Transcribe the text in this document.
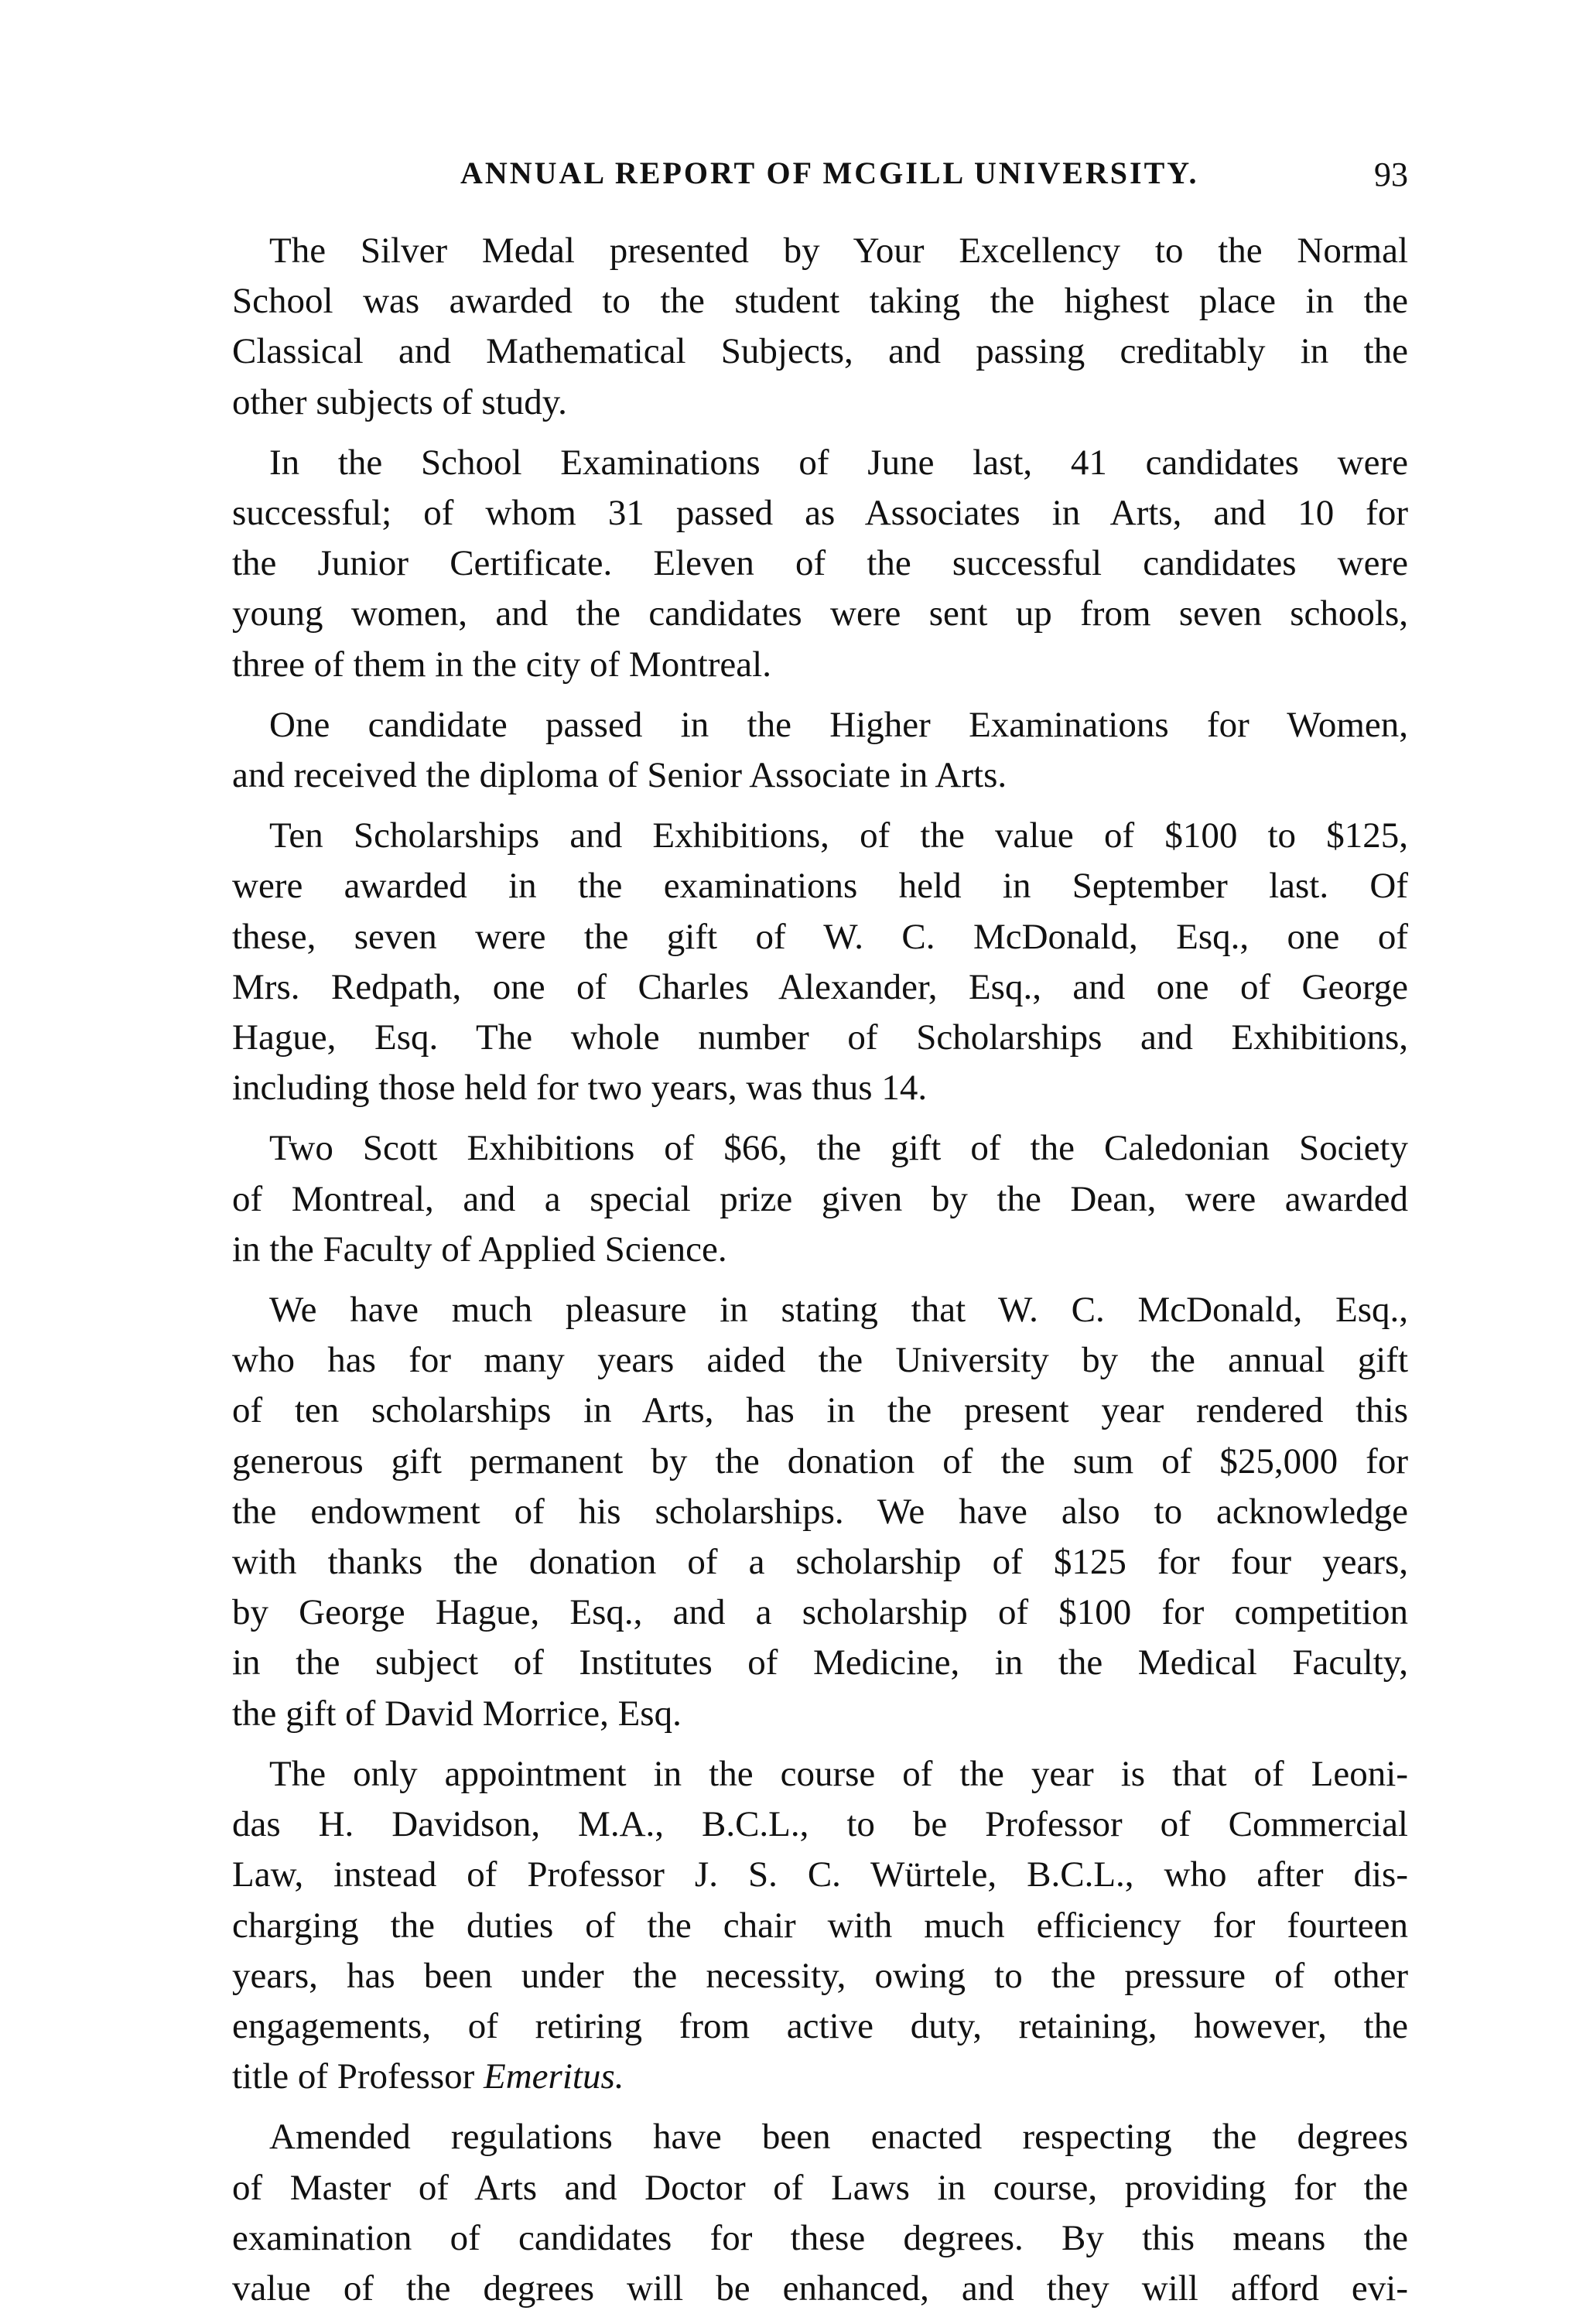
ANNUAL REPORT OF MCGILL UNIVERSITY.	93

The Silver Medal presented by Your Excellency to the Normal
School was awarded to the student taking the highest place in the
Classical and Mathematical Subjects, and passing creditably in the
other subjects of study.

In the School Examinations of June last, 41 candidates were
successful; of whom 31 passed as Associates in Arts, and 10 for
the Junior Certificate. Eleven of the successful candidates were
young women, and the candidates were sent up from seven schools,
three of them in the city of Montreal.

One candidate passed in the Higher Examinations for Women,
and received the diploma of Senior Associate in Arts.

Ten Scholarships and Exhibitions, of the value of $100 to $125,
were awarded in the examinations held in September last. Of
these, seven were the gift of W. C. McDonald, Esq., one of
Mrs. Redpath, one of Charles Alexander, Esq., and one of George
Hague, Esq. The whole number of Scholarships and Exhibitions,
including those held for two years, was thus 14.

Two Scott Exhibitions of $66, the gift of the Caledonian Society
of Montreal, and a special prize given by the Dean, were awarded
in the Faculty of Applied Science.

We have much pleasure in stating that W. C. McDonald, Esq.,
who has for many years aided the University by the annual gift
of ten scholarships in Arts, has in the present year rendered this
generous gift permanent by the donation of the sum of $25,000 for
the endowment of his scholarships. We have also to acknowledge
with thanks the donation of a scholarship of $125 for four years,
by George Hague, Esq., and a scholarship of $100 for competition
in the subject of Institutes of Medicine, in the Medical Faculty,
the gift of David Morrice, Esq.

The only appointment in the course of the year is that of Leoni-
das H. Davidson, M.A., B.C.L., to be Professor of Commercial
Law, instead of Professor J. S. C. Würtele, B.C.L., who after dis-
charging the duties of the chair with much efficiency for fourteen
years, has been under the necessity, owing to the pressure of other
engagements, of retiring from active duty, retaining, however, the
title of Professor Emeritus.

Amended regulations have been enacted respecting the degrees
of Master of Arts and Doctor of Laws in course, providing for the
examination of candidates for these degrees. By this means the
value of the degrees will be enhanced, and they will afford evi-
